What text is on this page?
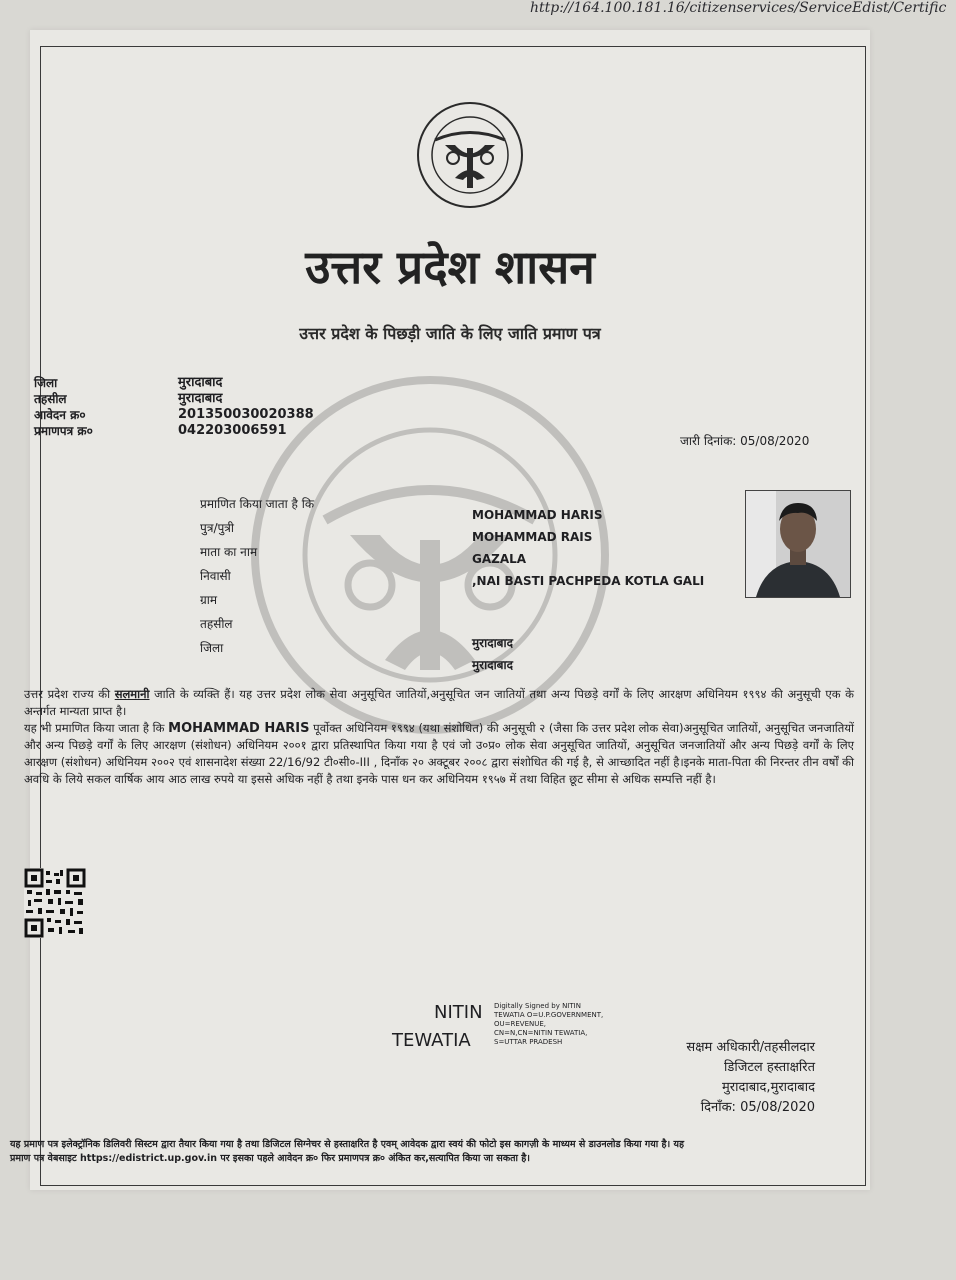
http://164.100.181.16/citizenservices/ServiceEdist/Certific
उत्तर प्रदेश शासन
उत्तर प्रदेश के पिछड़ी जाति के लिए जाति प्रमाण पत्र
जिला
तहसील
आवेदन क्र०
प्रमाणपत्र क्र०
मुरादाबाद
मुरादाबाद
201350030020388
042203006591
जारी दिनांक: 05/08/2020
प्रमाणित किया जाता है कि
पुत्र/पुत्री
माता का नाम
निवासी
ग्राम
तहसील
जिला
MOHAMMAD HARIS
MOHAMMAD RAIS
GAZALA
,NAI BASTI PACHPEDA KOTLA GALI
मुरादाबाद
मुरादाबाद

उत्तर प्रदेश राज्य की सलमानी जाति के व्यक्ति हैं। यह उत्तर प्रदेश लोक सेवा अनुसूचित जातियों,अनुसूचित जन जातियों तथा अन्य पिछड़े वर्गों के लिए आरक्षण अधिनियम १९९४ की अनुसूची एक के अन्तर्गत मान्यता प्राप्त है।

यह भी प्रमाणित किया जाता है कि MOHAMMAD HARIS पूर्वोक्त अधिनियम १९९४ (यथा संशोधित) की अनुसूची २ (जैसा कि उत्तर प्रदेश लोक सेवा)अनुसूचित जातियों, अनुसूचित जनजातियों और अन्य पिछड़े वर्गों के लिए आरक्षण (संशोधन) अधिनियम २००१ द्वारा प्रतिस्थापित किया गया है एवं जो उ०प्र० लोक सेवा अनुसूचित जातियों, अनुसूचित जनजातियों और अन्य पिछड़े वर्गों के लिए आरक्षण (संशोधन) अधिनियम २००२ एवं शासनादेश संख्या 22/16/92 टी०सी०-III , दिनाँक २० अक्टूबर २००८ द्वारा संशोधित की गई है, से आच्छादित नहीं है।इनके माता-पिता की निरन्तर तीन वर्षों की अवधि के लिये सकल वार्षिक आय आठ लाख रुपये या इससे अधिक नहीं है तथा इनके पास धन कर अधिनियम १९५७ में तथा विहित छूट सीमा से अधिक सम्पत्ति नहीं है।

NITIN
TEWATIA
Digitally Signed by NITIN TEWATIA O=U.P.GOVERNMENT, OU=REVENUE, CN=N,CN=NITIN TEWATIA, S=UTTAR PRADESH	सक्षम अधिकारी/तहसीलदार
डिजिटल हस्ताक्षरित
मुरादाबाद,मुरादाबाद
दिनाँक: 05/08/2020

यह प्रमाण पत्र इलेक्ट्रॉनिक डिलिवरी सिस्टम द्वारा तैयार किया गया है तथा डिजिटल सिग्नेचर से हस्ताक्षरित है एवम् आवेदक द्वारा स्वयं की फोटो इस कागज़ी के माध्यम से डाउनलोड किया गया है। यह

प्रमाण पत्र वेबसाइट https://edistrict.up.gov.in पर इसका पहले आवेदन क्र० फिर प्रमाणपत्र क्र० अंकित कर,सत्यापित किया जा सकता है।
